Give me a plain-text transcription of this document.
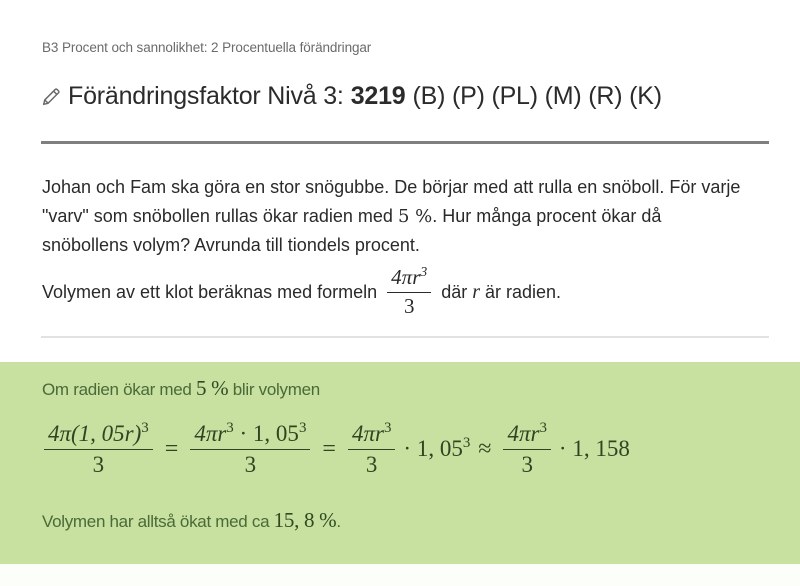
B3 Procent och sannolikhet: 2 Procentuella förändringar
Förändringsfaktor Nivå 3: 3219 (B) (P) (PL) (M) (R) (K)

Johan och Fam ska göra en stor snögubbe. De börjar med att rulla en snöboll. För varje "varv" som snöbollen rullas ökar radien med 5 %. Hur många procent ökar då snöbollens volym? Avrunda till tiondels procent.

Volymen av ett klot beräknas med formeln $\frac{4\pi r^3}{3}$ där r är radien.
Om radien ökar med 5 % blir volymen
$\frac{4\pi(1, 05r)^3}{3} = \frac{4\pi r^3 \cdot 1, 05^3}{3} = \frac{4\pi r^3}{3} \cdot 1$, $05^3 \approx \frac{4\pi r^3}{3} \cdot 1$, 158
Volymen har alltså ökat med ca 15, 8 %.
